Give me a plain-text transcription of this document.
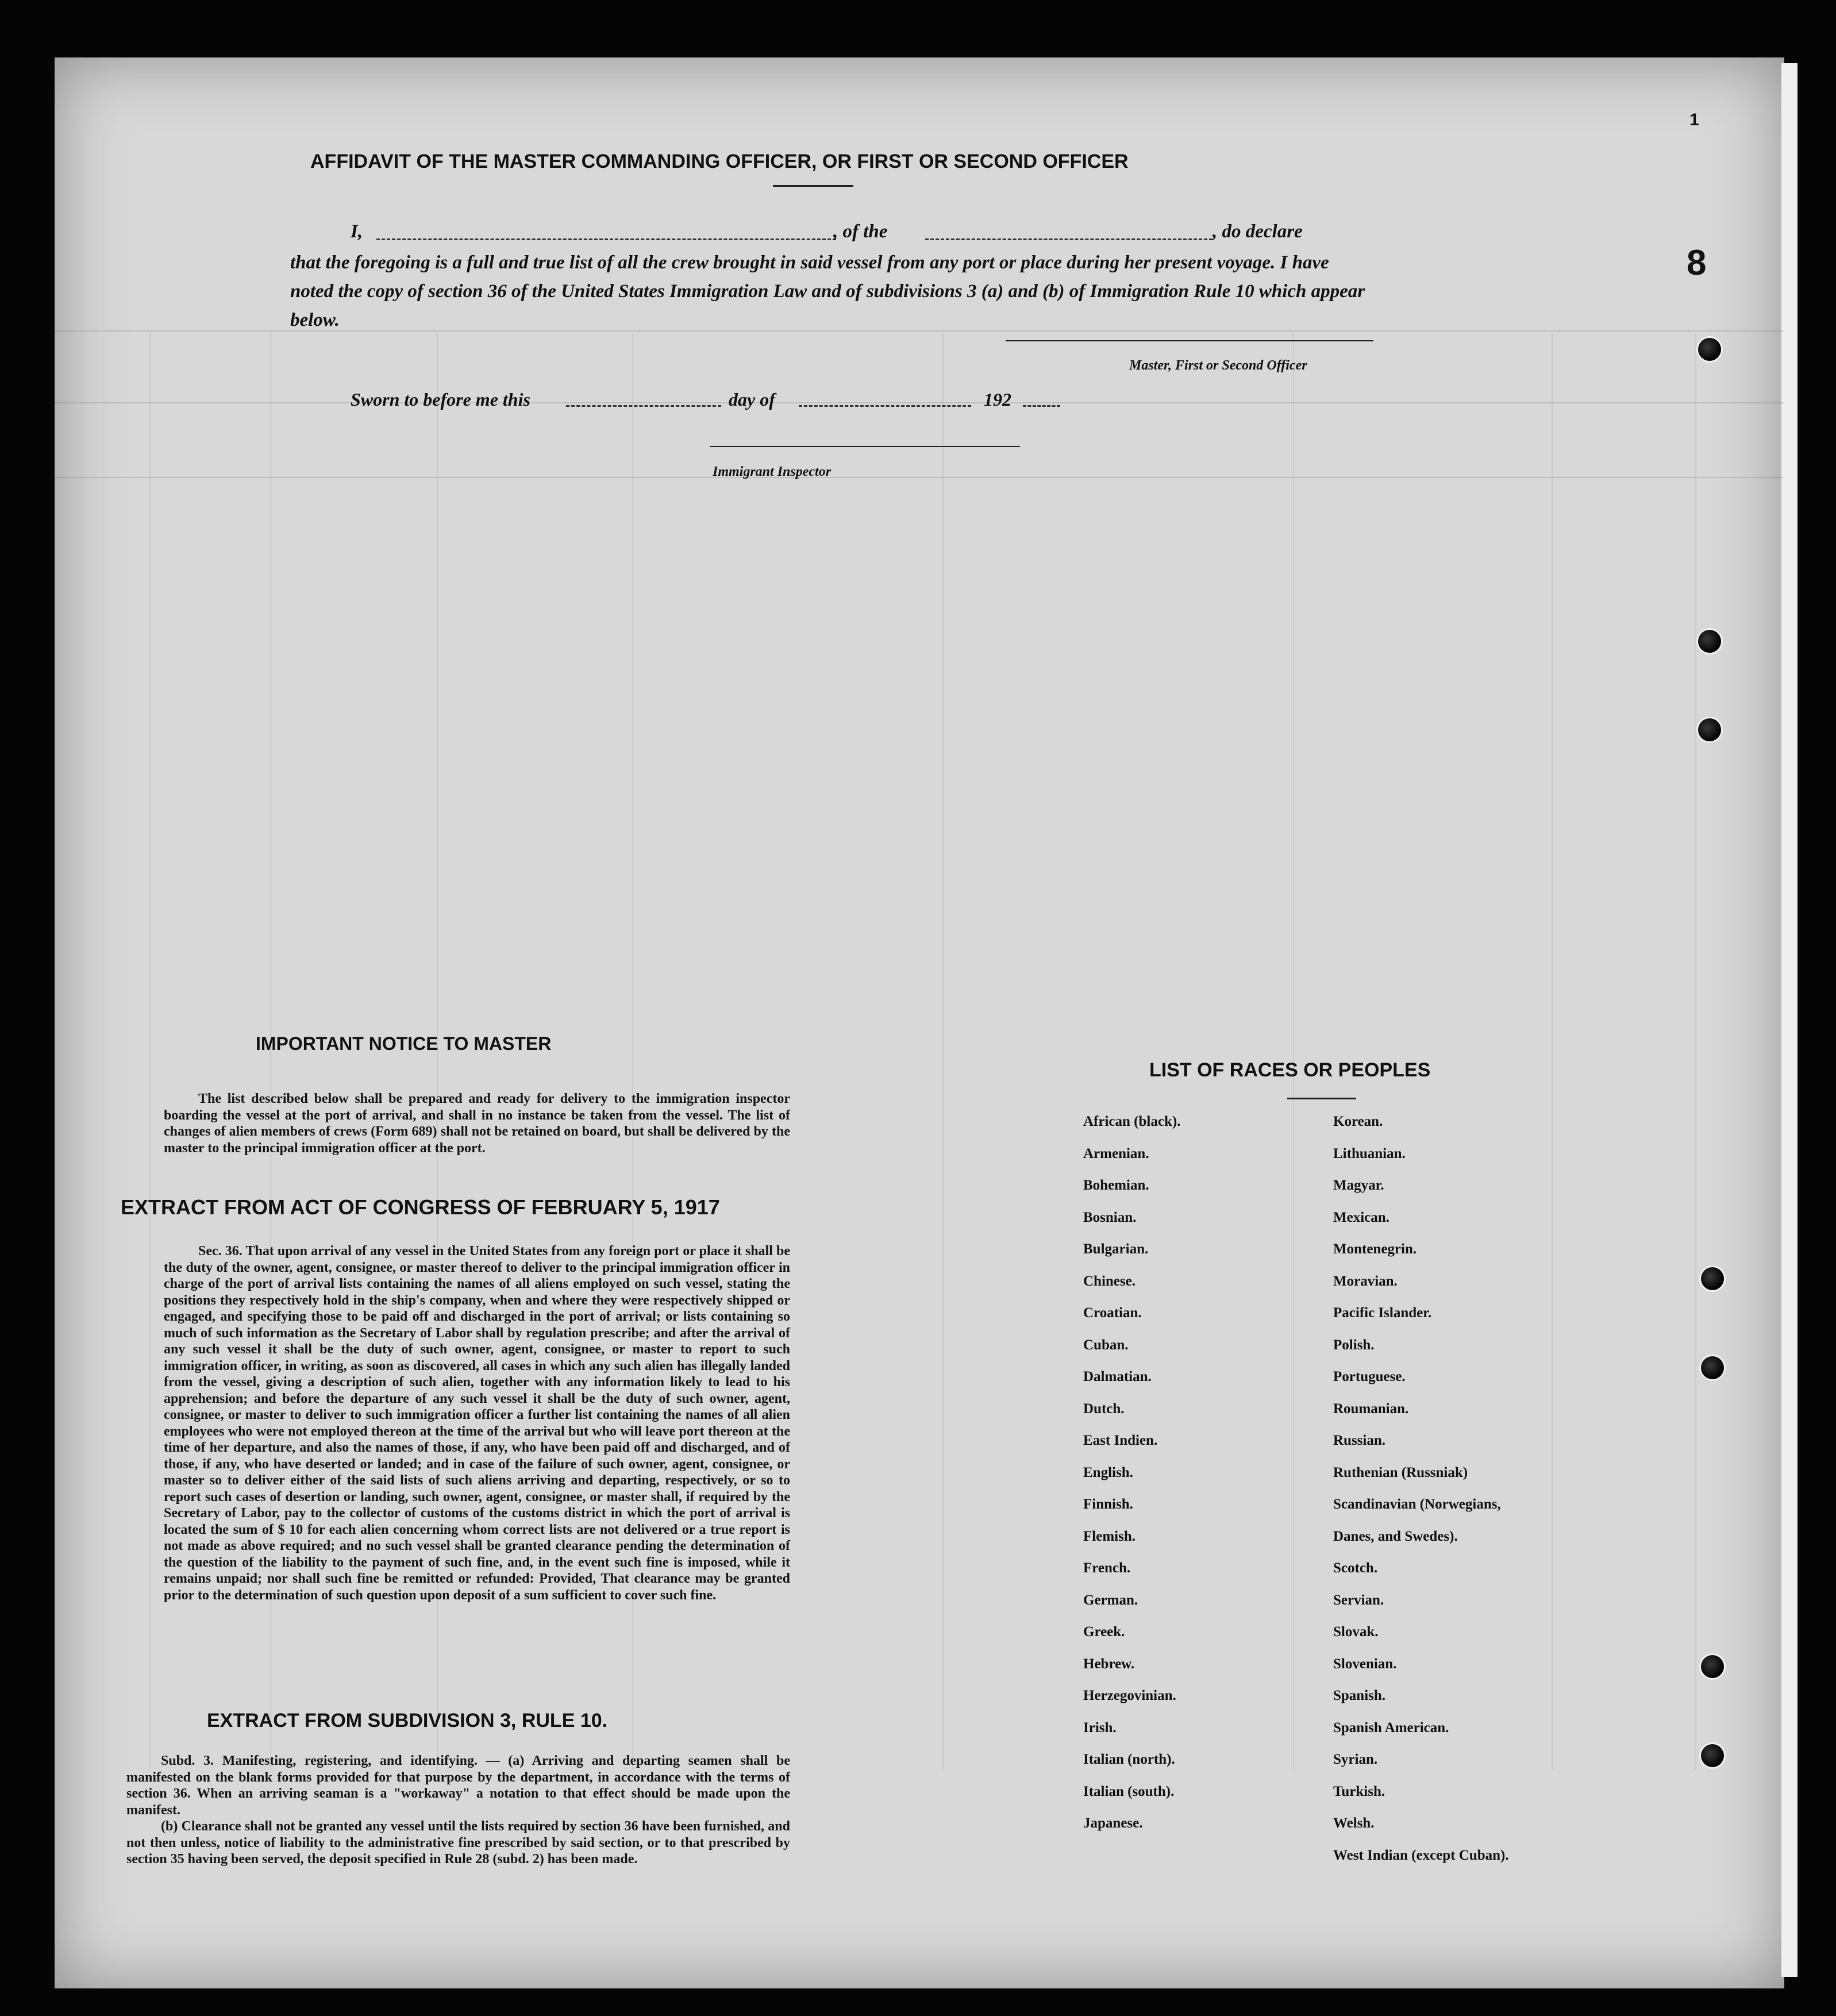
AFFIDAVIT OF THE MASTER COMMANDING OFFICER, OR FIRST OR SECOND OFFICER
I,	, of the	, do declare
that the foregoing is a full and true list of all the crew brought in said vessel from any port or place during her present voyage. I have noted the copy of section 36 of the United States Immigration Law and of subdivisions 3 (a) and (b) of Immigration Rule 10 which appear below.
Master, First or Second Officer
Sworn to before me this	day of	192
Immigrant Inspector
IMPORTANT NOTICE TO MASTER
The list described below shall be prepared and ready for delivery to the immigration inspector boarding the vessel at the port of arrival, and shall in no instance be taken from the vessel. The list of changes of alien members of crews (Form 689) shall not be retained on board, but shall be delivered by the master to the principal immigration officer at the port.
EXTRACT FROM ACT OF CONGRESS OF FEBRUARY 5, 1917
Sec. 36. That upon arrival of any vessel in the United States from any foreign port or place it shall be the duty of the owner, agent, consignee, or master thereof to deliver to the principal immigration officer in charge of the port of arrival lists containing the names of all aliens employed on such vessel, stating the positions they respectively hold in the ship's company, when and where they were respectively shipped or engaged, and specifying those to be paid off and discharged in the port of arrival; or lists containing so much of such information as the Secretary of Labor shall by regulation prescribe; and after the arrival of any such vessel it shall be the duty of such owner, agent, consignee, or master to report to such immigration officer, in writing, as soon as discovered, all cases in which any such alien has illegally landed from the vessel, giving a description of such alien, together with any information likely to lead to his apprehension; and before the departure of any such vessel it shall be the duty of such owner, agent, consignee, or master to deliver to such immigration officer a further list containing the names of all alien employees who were not employed thereon at the time of the arrival but who will leave port thereon at the time of her departure, and also the names of those, if any, who have been paid off and discharged, and of those, if any, who have deserted or landed; and in case of the failure of such owner, agent, consignee, or master so to deliver either of the said lists of such aliens arriving and departing, respectively, or so to report such cases of desertion or landing, such owner, agent, consignee, or master shall, if required by the Secretary of Labor, pay to the collector of customs of the customs district in which the port of arrival is located the sum of $ 10 for each alien concerning whom correct lists are not delivered or a true report is not made as above required; and no such vessel shall be granted clearance pending the determination of the question of the liability to the payment of such fine, and, in the event such fine is imposed, while it remains unpaid; nor shall such fine be remitted or refunded: Provided, That clearance may be granted prior to the determination of such question upon deposit of a sum sufficient to cover such fine.
EXTRACT FROM SUBDIVISION 3, RULE 10.
Subd. 3. Manifesting, registering, and identifying. — (a) Arriving and departing seamen shall be manifested on the blank forms provided for that purpose by the department, in accordance with the terms of section 36. When an arriving seaman is a "workaway" a notation to that effect should be made upon the manifest.
(b) Clearance shall not be granted any vessel until the lists required by section 36 have been furnished, and not then unless, notice of liability to the administrative fine prescribed by said section, or to that prescribed by section 35 having been served, the deposit specified in Rule 28 (subd. 2) has been made.
LIST OF RACES OR PEOPLES
African (black).
Armenian.
Bohemian.
Bosnian.
Bulgarian.
Chinese.
Croatian.
Cuban.
Dalmatian.
Dutch.
East Indien.
English.
Finnish.
Flemish.
French.
German.
Greek.
Hebrew.
Herzegovinian.
Irish.
Italian (north).
Italian (south).
Japanese.
Korean.
Lithuanian.
Magyar.
Mexican.
Montenegrin.
Moravian.
Pacific Islander.
Polish.
Portuguese.
Roumanian.
Russian.
Ruthenian (Russniak)
Scandinavian (Norwegians,
Danes, and Swedes).
Scotch.
Servian.
Slovak.
Slovenian.
Spanish.
Spanish American.
Syrian.
Turkish.
Welsh.
West Indian (except Cuban).
8
1
